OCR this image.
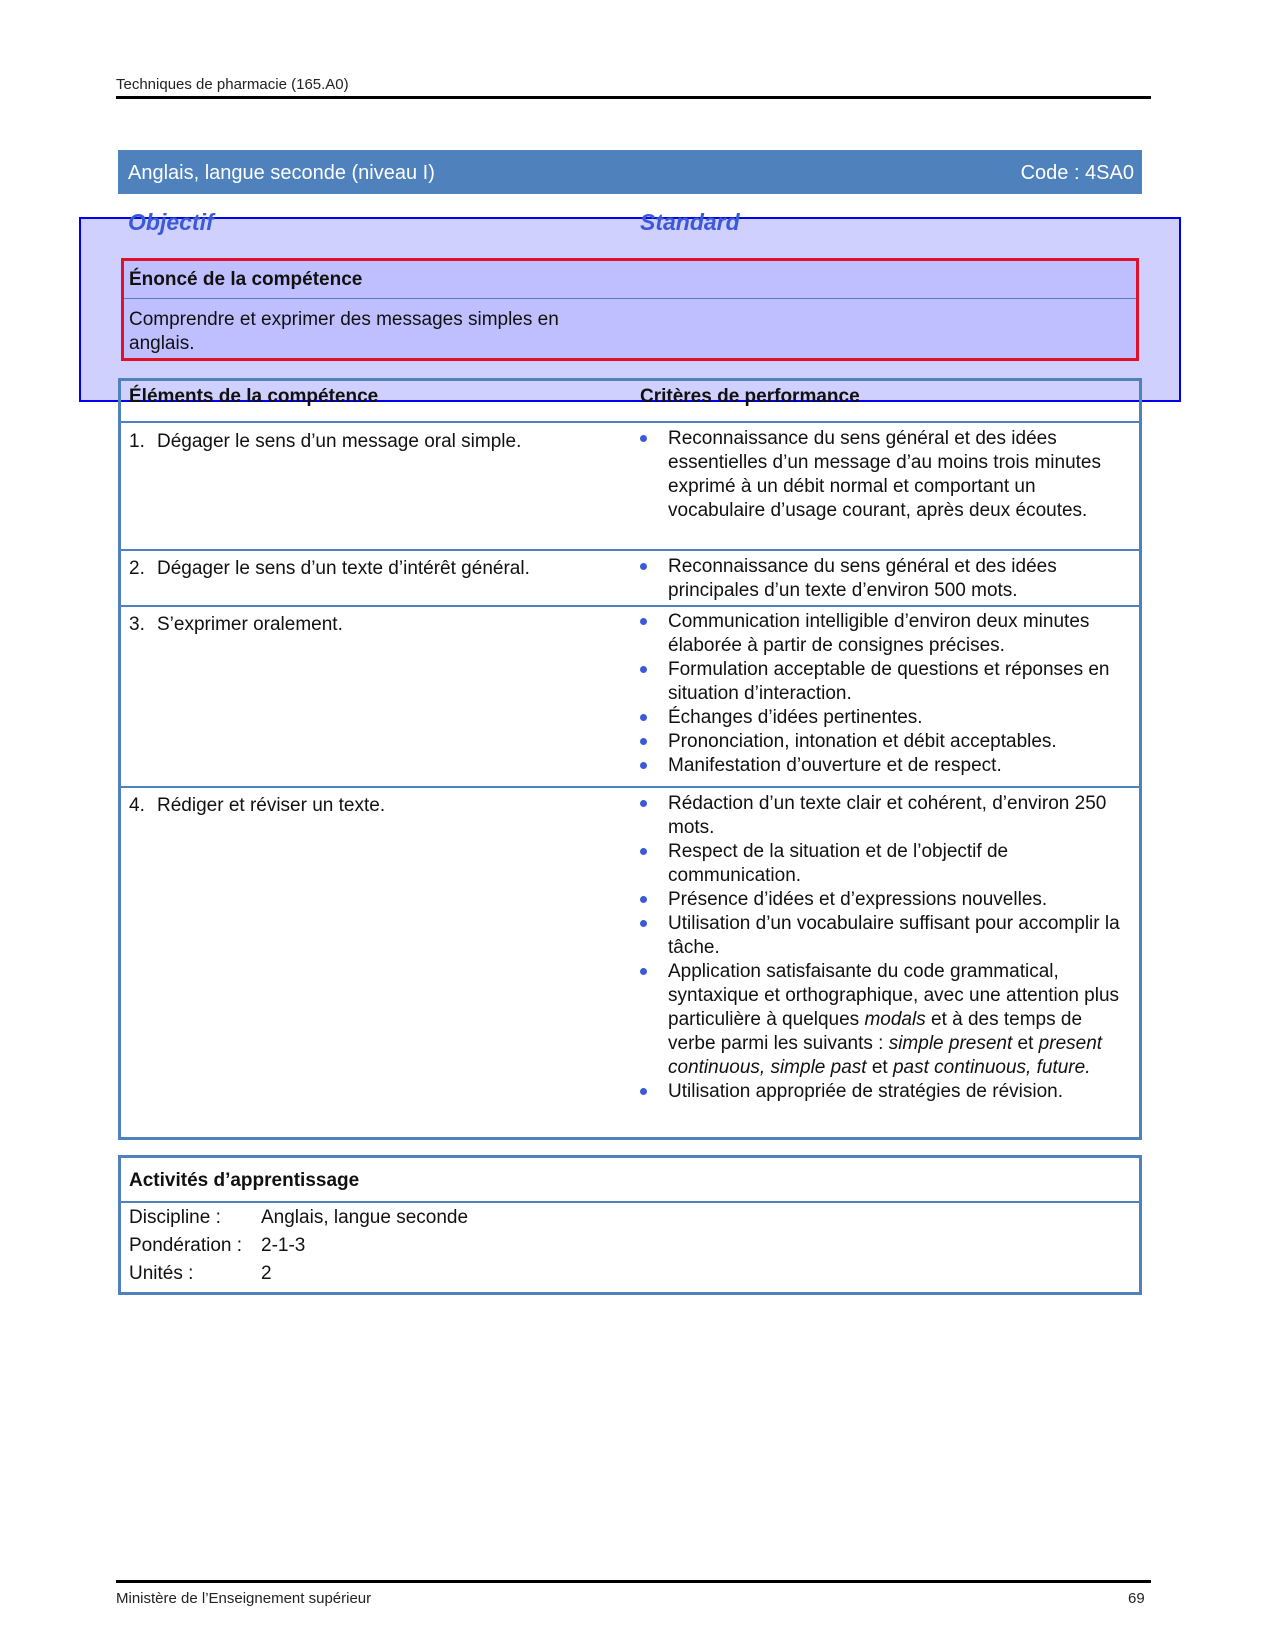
Techniques de pharmacie (165.A0)
Anglais, langue seconde (niveau I)	Code : 4SA0
Objectif	Standard
Énoncé de la compétence
Comprendre et exprimer des messages simples en anglais.
Éléments de la compétence	Critères de performance
1. Dégager le sens d’un message oral simple.	Reconnaissance du sens général et des idées essentielles d’un message d’au moins trois minutes exprimé à un débit normal et comportant un vocabulaire d’usage courant, après deux écoutes.
2. Dégager le sens d’un texte d’intérêt général.	Reconnaissance du sens général et des idées principales d’un texte d’environ 500 mots.
3. S’exprimer oralement.	Communication intelligible d’environ deux minutes élaborée à partir de consignes précises.
Formulation acceptable de questions et réponses en situation d’interaction.
Échanges d’idées pertinentes.
Prononciation, intonation et débit acceptables.
Manifestation d’ouverture et de respect.
4. Rédiger et réviser un texte.	Rédaction d’un texte clair et cohérent, d’environ 250 mots.
Respect de la situation et de l’objectif de communication.
Présence d’idées et d’expressions nouvelles.
Utilisation d’un vocabulaire suffisant pour accomplir la tâche.
Application satisfaisante du code grammatical, syntaxique et orthographique, avec une attention plus particulière à quelques modals et à des temps de verbe parmi les suivants : simple present et present continuous, simple past et past continuous, future.
Utilisation appropriée de stratégies de révision.
Activités d’apprentissage
Discipline : Anglais, langue seconde
Pondération : 2-1-3
Unités :	2
Ministère de l’Enseignement supérieur	69
